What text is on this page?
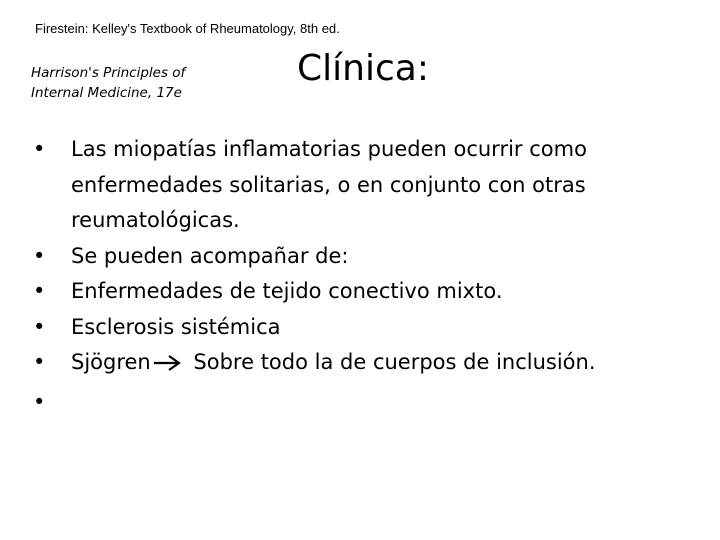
Firestein: Kelley's Textbook of Rheumatology, 8th ed.
Harrison's Principles of Internal Medicine, 17e
Clínica:
• Las miopatías inflamatorias pueden ocurrir como enfermedades solitarias, o en conjunto con otras reumatológicas.
• Se pueden acompañar de:
• Enfermedades de tejido conectivo mixto.
• Esclerosis sistémica
• Sjögren Sobre todo la de cuerpos de inclusión.
•
